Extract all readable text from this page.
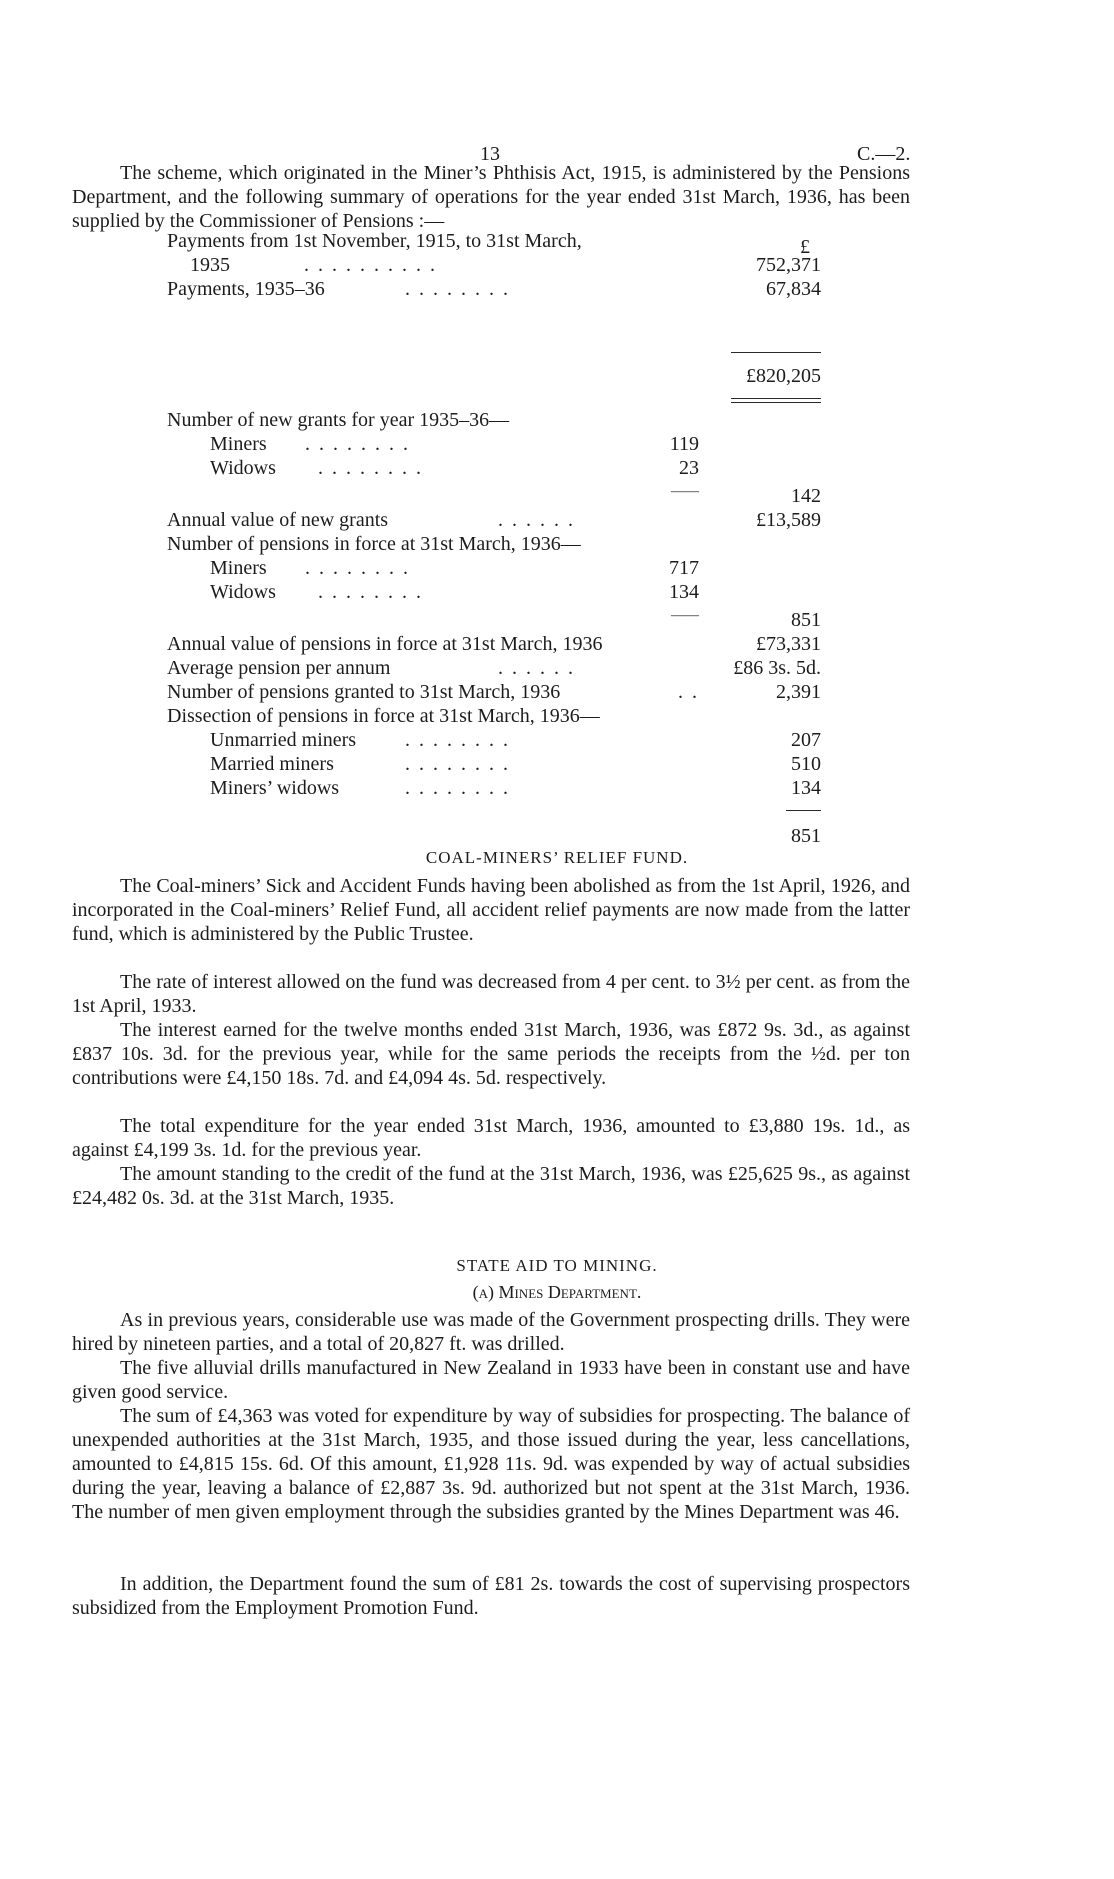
13	C.—2.
The scheme, which originated in the Miner’s Phthisis Act, 1915, is administered by the Pensions Department, and the following summary of operations for the year ended 31st March, 1936, has been supplied by the Commissioner of Pensions :—
£
Payments from 1st November, 1915, to 31st March,
1935	. . . . . . . . . .	752,371
Payments, 1935–36	. . . . . . . .	67,834
£820,205
Number of new grants for year 1935–36—
Miners . . . . . . . .	119
Widows . . . . . . . .	23
——	142
Annual value of new grants	. . . . . .	£13,589
Number of pensions in force at 31st March, 1936—
Miners . . . . . . . .	717
Widows . . . . . . . .	134
——	851
Annual value of pensions in force at 31st March, 1936	£73,331
Average pension per annum	. . . . . .	£86 3s. 5d.
Number of pensions granted to 31st March, 1936	. .	2,391
Dissection of pensions in force at 31st March, 1936—
Unmarried miners . . . . . . . .	207
Married miners	. . . . . . . .	510
Miners’ widows	. . . . . . . .	134
851
COAL-MINERS’ RELIEF FUND.
The Coal-miners’ Sick and Accident Funds having been abolished as from the 1st April, 1926, and incorporated in the Coal-miners’ Relief Fund, all accident relief payments are now made from the latter fund, which is administered by the Public Trustee.
The rate of interest allowed on the fund was decreased from 4 per cent. to 3½ per cent. as from the 1st April, 1933.
The interest earned for the twelve months ended 31st March, 1936, was £872 9s. 3d., as against £837 10s. 3d. for the previous year, while for the same periods the receipts from the ½d. per ton contributions were £4,150 18s. 7d. and £4,094 4s. 5d. respectively.
The total expenditure for the year ended 31st March, 1936, amounted to £3,880 19s. 1d., as against £4,199 3s. 1d. for the previous year.
The amount standing to the credit of the fund at the 31st March, 1936, was £25,625 9s., as against £24,482 0s. 3d. at the 31st March, 1935.
STATE AID TO MINING.
(a) Mines Department.
As in previous years, considerable use was made of the Government prospecting drills. They were hired by nineteen parties, and a total of 20,827 ft. was drilled.
The five alluvial drills manufactured in New Zealand in 1933 have been in constant use and have given good service.
The sum of £4,363 was voted for expenditure by way of subsidies for prospecting. The balance of unexpended authorities at the 31st March, 1935, and those issued during the year, less cancellations, amounted to £4,815 15s. 6d. Of this amount, £1,928 11s. 9d. was expended by way of actual subsidies during the year, leaving a balance of £2,887 3s. 9d. authorized but not spent at the 31st March, 1936. The number of men given employment through the subsidies granted by the Mines Department was 46.
In addition, the Department found the sum of £81 2s. towards the cost of supervising prospectors subsidized from the Employment Promotion Fund.
